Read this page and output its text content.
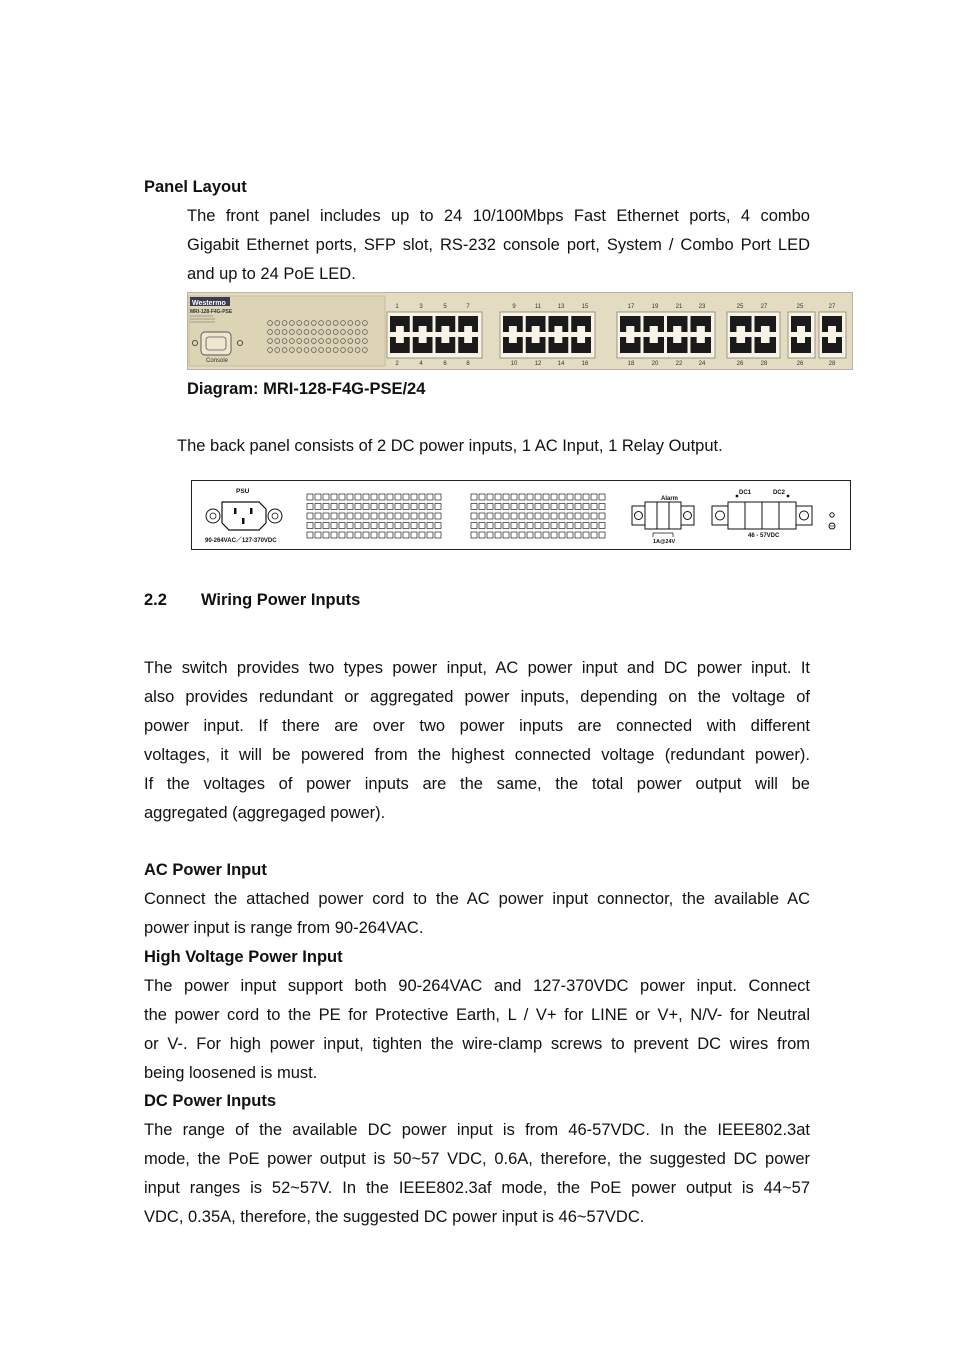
Panel Layout
The front panel includes up to 24 10/100Mbps Fast Ethernet ports, 4 combo
Gigabit Ethernet ports, SFP slot, RS-232 console port, System / Combo Port LED
and up to 24 PoE LED.
Westermo
MRI-128-F4G-PSE
Console
1
2
3
4
5
6
7
8
9
10
11
12
13
14
15
16
17
18
19
20
21
22
23
24
25
26
27
28
25
26
27
28
Diagram: MRI-128-F4G-PSE/24
The back panel consists of 2 DC power inputs, 1 AC Input, 1 Relay Output.
PSU
90-264VAC／127-370VDC
Alarm
1A@24V
DC1	DC2
46 - 57VDC
2.2 Wiring Power Inputs
The switch provides two types power input, AC power input and DC power input. It
also provides redundant or aggregated power inputs, depending on the voltage of
power input. If there are over two power inputs are connected with different
voltages, it will be powered from the highest connected voltage (redundant power).
If the voltages of power inputs are the same, the total power output will be
aggregated (aggregaged power).
AC Power Input
Connect the attached power cord to the AC power input connector, the available AC
power input is range from 90-264VAC.
High Voltage Power Input
The power input support both 90-264VAC and 127-370VDC power input. Connect
the power cord to the PE for Protective Earth, L / V+ for LINE or V+, N/V- for Neutral
or V-. For high power input, tighten the wire-clamp screws to prevent DC wires from
being loosened is must.
DC Power Inputs
The range of the available DC power input is from 46-57VDC. In the IEEE802.3at
mode, the PoE power output is 50~57 VDC, 0.6A, therefore, the suggested DC power
input ranges is 52~57V. In the IEEE802.3af mode, the PoE power output is 44~57
VDC, 0.35A, therefore, the suggested DC power input is 46~57VDC.
